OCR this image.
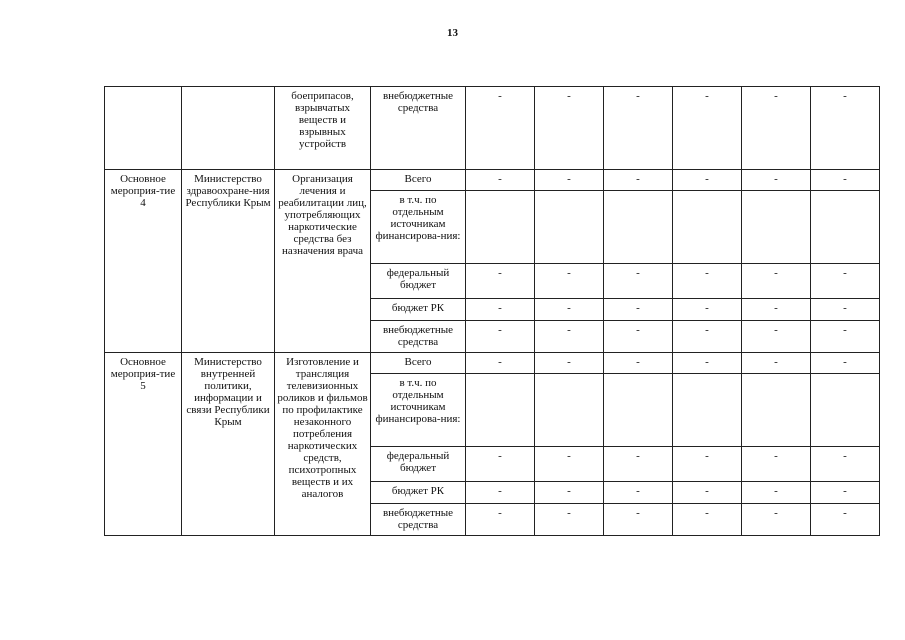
13
		боеприпасов, взрывчатых веществ и взрывных устройств	внебюджетные средства	-	-	-	-	-	-
Основное мероприя-тие 4	Министерство здравоохране-ния Республики Крым	Организация лечения и реабилитации лиц, употребляющих наркотические средства без назначения врача	Всего	-	-	-	-	-	-
			в т.ч. по отдельным источникам финансирова-ния:						
			федеральный бюджет	-	-	-	-	-	-
			бюджет РК	-	-	-	-	-	-
			внебюджетные средства	-	-	-	-	-	-
Основное мероприя-тие 5	Министерство внутренней политики, информации и связи Республики Крым	Изготовление и трансляция телевизионных роликов и фильмов по профилактике незаконного потребления наркотических средств, психотропных веществ и их аналогов	Всего	-	-	-	-	-	-
			в т.ч. по отдельным источникам финансирова-ния:						
			федеральный бюджет	-	-	-	-	-	-
			бюджет РК	-	-	-	-	-	-
			внебюджетные средства	-	-	-	-	-	-
